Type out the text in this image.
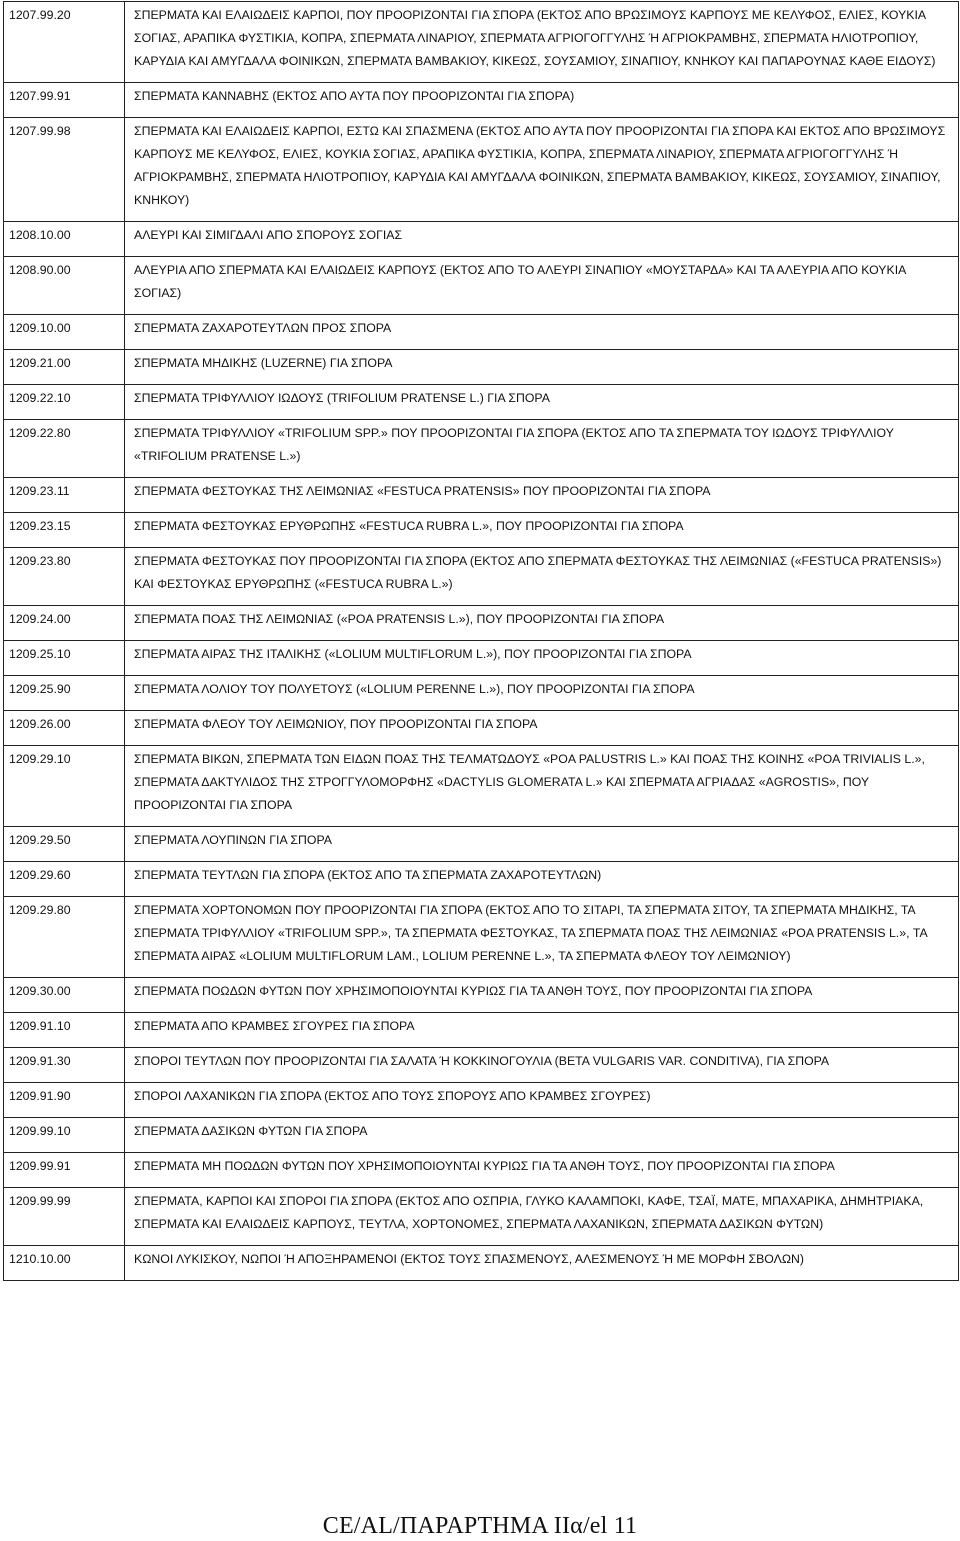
1207.99.20	ΣΠΕΡΜΑΤΑ ΚΑΙ ΕΛΑΙΩΔΕΙΣ ΚΑΡΠΟΙ, ΠΟΥ ΠΡΟΟΡΙΖΟΝΤΑΙ ΓΙΑ ΣΠΟΡΑ (ΕΚΤΟΣ ΑΠΟ ΒΡΩΣΙΜΟΥΣ ΚΑΡΠΟΥΣ ΜΕ ΚΕΛΥΦΟΣ, ΕΛΙΕΣ, ΚΟΥΚΙΑ ΣΟΓΙΑΣ, ΑΡΑΠΙΚΑ ΦΥΣΤΙΚΙΑ, ΚΟΠΡΑ, ΣΠΕΡΜΑΤΑ ΛΙΝΑΡΙΟΥ, ΣΠΕΡΜΑΤΑ ΑΓΡΙΟΓΟΓΓΥΛΗΣ Ή ΑΓΡΙΟΚΡΑΜΒΗΣ, ΣΠΕΡΜΑΤΑ ΗΛΙΟΤΡΟΠΙΟΥ, ΚΑΡΥΔΙΑ ΚΑΙ ΑΜΥΓΔΑΛΑ ΦΟΙΝΙΚΩΝ, ΣΠΕΡΜΑΤΑ ΒΑΜΒΑΚΙΟΥ, ΚΙΚΕΩΣ, ΣΟΥΣΑΜΙΟΥ, ΣΙΝΑΠΙΟΥ, ΚΝΗΚΟΥ ΚΑΙ ΠΑΠΑΡΟΥΝΑΣ ΚΑΘΕ ΕΙΔΟΥΣ)
1207.99.91	ΣΠΕΡΜΑΤΑ ΚΑΝΝΑΒΗΣ (ΕΚΤΟΣ ΑΠΟ ΑΥΤΑ ΠΟΥ ΠΡΟΟΡΙΖΟΝΤΑΙ ΓΙΑ ΣΠΟΡΑ)
1207.99.98	ΣΠΕΡΜΑΤΑ ΚΑΙ ΕΛΑΙΩΔΕΙΣ ΚΑΡΠΟΙ, ΕΣΤΩ ΚΑΙ ΣΠΑΣΜΕΝΑ (ΕΚΤΟΣ ΑΠΟ ΑΥΤΑ ΠΟΥ ΠΡΟΟΡΙΖΟΝΤΑΙ ΓΙΑ ΣΠΟΡΑ ΚΑΙ ΕΚΤΟΣ ΑΠΟ ΒΡΩΣΙΜΟΥΣ ΚΑΡΠΟΥΣ ΜΕ ΚΕΛΥΦΟΣ, ΕΛΙΕΣ, ΚΟΥΚΙΑ ΣΟΓΙΑΣ, ΑΡΑΠΙΚΑ ΦΥΣΤΙΚΙΑ, ΚΟΠΡΑ, ΣΠΕΡΜΑΤΑ ΛΙΝΑΡΙΟΥ, ΣΠΕΡΜΑΤΑ ΑΓΡΙΟΓΟΓΓΥΛΗΣ Ή ΑΓΡΙΟΚΡΑΜΒΗΣ, ΣΠΕΡΜΑΤΑ ΗΛΙΟΤΡΟΠΙΟΥ, ΚΑΡΥΔΙΑ ΚΑΙ ΑΜΥΓΔΑΛΑ ΦΟΙΝΙΚΩΝ, ΣΠΕΡΜΑΤΑ ΒΑΜΒΑΚΙΟΥ, ΚΙΚΕΩΣ, ΣΟΥΣΑΜΙΟΥ, ΣΙΝΑΠΙΟΥ, ΚΝΗΚΟΥ)
1208.10.00	ΑΛΕΥΡΙ ΚΑΙ ΣΙΜΙΓΔΑΛΙ ΑΠΟ ΣΠΟΡΟΥΣ ΣΟΓΙΑΣ
1208.90.00	ΑΛΕΥΡΙΑ ΑΠΟ ΣΠΕΡΜΑΤΑ ΚΑΙ ΕΛΑΙΩΔΕΙΣ ΚΑΡΠΟΥΣ (ΕΚΤΟΣ ΑΠΟ ΤΟ ΑΛΕΥΡΙ ΣΙΝΑΠΙΟΥ «ΜΟΥΣΤΑΡΔΑ» ΚΑΙ ΤΑ ΑΛΕΥΡΙΑ ΑΠΟ ΚΟΥΚΙΑ ΣΟΓΙΑΣ)
1209.10.00	ΣΠΕΡΜΑΤΑ ΖΑΧΑΡΟΤΕΥΤΛΩΝ ΠΡΟΣ ΣΠΟΡΑ
1209.21.00	ΣΠΕΡΜΑΤΑ ΜΗΔΙΚΗΣ (LUZERNE) ΓΙΑ ΣΠΟΡΑ
1209.22.10	ΣΠΕΡΜΑΤΑ ΤΡΙΦΥΛΛΙΟΥ ΙΩΔΟΥΣ (TRIFOLIUM PRATENSE L.) ΓΙΑ ΣΠΟΡΑ
1209.22.80	ΣΠΕΡΜΑΤΑ ΤΡΙΦΥΛΛΙΟΥ «TRIFOLIUM SPP.» ΠΟΥ ΠΡΟΟΡΙΖΟΝΤΑΙ ΓΙΑ ΣΠΟΡΑ (ΕΚΤΟΣ ΑΠΟ ΤΑ ΣΠΕΡΜΑΤΑ ΤΟΥ ΙΩΔΟΥΣ ΤΡΙΦΥΛΛΙΟΥ «TRIFOLIUM PRATENSE L.»)
1209.23.11	ΣΠΕΡΜΑΤΑ ΦΕΣΤΟΥΚΑΣ ΤΗΣ ΛΕΙΜΩΝΙΑΣ «FESTUCA PRATENSIS» ΠΟΥ ΠΡΟΟΡΙΖΟΝΤΑΙ ΓΙΑ ΣΠΟΡΑ
1209.23.15	ΣΠΕΡΜΑΤΑ ΦΕΣΤΟΥΚΑΣ ΕΡΥΘΡΩΠΗΣ «FESTUCA RUBRA L.», ΠΟΥ ΠΡΟΟΡΙΖΟΝΤΑΙ ΓΙΑ ΣΠΟΡΑ
1209.23.80	ΣΠΕΡΜΑΤΑ ΦΕΣΤΟΥΚΑΣ ΠΟΥ ΠΡΟΟΡΙΖΟΝΤΑΙ ΓΙΑ ΣΠΟΡΑ (ΕΚΤΟΣ ΑΠΟ ΣΠΕΡΜΑΤΑ ΦΕΣΤΟΥΚΑΣ ΤΗΣ ΛΕΙΜΩΝΙΑΣ («FESTUCA PRATENSIS») ΚΑΙ ΦΕΣΤΟΥΚΑΣ ΕΡΥΘΡΩΠΗΣ («FESTUCA RUBRA L.»)
1209.24.00	ΣΠΕΡΜΑΤΑ ΠΟΑΣ ΤΗΣ ΛΕΙΜΩΝΙΑΣ («POA PRATENSIS L.»), ΠΟΥ ΠΡΟΟΡΙΖΟΝΤΑΙ ΓΙΑ ΣΠΟΡΑ
1209.25.10	ΣΠΕΡΜΑΤΑ ΑΙΡΑΣ ΤΗΣ ΙΤΑΛΙΚΗΣ («LOLIUM MULTIFLORUM L.»), ΠΟΥ ΠΡΟΟΡΙΖΟΝΤΑΙ ΓΙΑ ΣΠΟΡΑ
1209.25.90	ΣΠΕΡΜΑΤΑ ΛΟΛΙΟΥ ΤΟΥ ΠΟΛΥΕΤΟΥΣ («LOLIUM PERENNE L.»), ΠΟΥ ΠΡΟΟΡΙΖΟΝΤΑΙ ΓΙΑ ΣΠΟΡΑ
1209.26.00	ΣΠΕΡΜΑΤΑ ΦΛΕΟΥ ΤΟΥ ΛΕΙΜΩΝΙΟΥ, ΠΟΥ ΠΡΟΟΡΙΖΟΝΤΑΙ ΓΙΑ ΣΠΟΡΑ
1209.29.10	ΣΠΕΡΜΑΤΑ ΒΙΚΩΝ, ΣΠΕΡΜΑΤΑ ΤΩΝ ΕΙΔΩΝ ΠΟΑΣ ΤΗΣ ΤΕΛΜΑΤΩΔΟΥΣ «POA PALUSTRIS L.» ΚΑΙ ΠΟΑΣ ΤΗΣ ΚΟΙΝΗΣ «POA TRIVIALIS L.», ΣΠΕΡΜΑΤΑ ΔΑΚΤΥΛΙΔΟΣ ΤΗΣ ΣΤΡΟΓΓΥΛΟΜΟΡΦΗΣ «DACTYLIS GLOMERATA L.» ΚΑΙ ΣΠΕΡΜΑΤΑ ΑΓΡΙΑΔΑΣ «AGROSTIS», ΠΟΥ ΠΡΟΟΡΙΖΟΝΤΑΙ ΓΙΑ ΣΠΟΡΑ
1209.29.50	ΣΠΕΡΜΑΤΑ ΛΟΥΠΙΝΩΝ ΓΙΑ ΣΠΟΡΑ
1209.29.60	ΣΠΕΡΜΑΤΑ ΤΕΥΤΛΩΝ ΓΙΑ ΣΠΟΡΑ (ΕΚΤΟΣ ΑΠΟ ΤΑ ΣΠΕΡΜΑΤΑ ΖΑΧΑΡΟΤΕΥΤΛΩΝ)
1209.29.80	ΣΠΕΡΜΑΤΑ ΧΟΡΤΟΝΟΜΩΝ ΠΟΥ ΠΡΟΟΡΙΖΟΝΤΑΙ ΓΙΑ ΣΠΟΡΑ (ΕΚΤΟΣ ΑΠΟ ΤΟ ΣΙΤΑΡΙ, ΤΑ ΣΠΕΡΜΑΤΑ ΣΙΤΟΥ, ΤΑ ΣΠΕΡΜΑΤΑ ΜΗΔΙΚΗΣ, ΤΑ ΣΠΕΡΜΑΤΑ ΤΡΙΦΥΛΛΙΟΥ «TRIFOLIUM SPP.», ΤΑ ΣΠΕΡΜΑΤΑ ΦΕΣΤΟΥΚΑΣ, ΤΑ ΣΠΕΡΜΑΤΑ ΠΟΑΣ ΤΗΣ ΛΕΙΜΩΝΙΑΣ «POA PRATENSIS L.», ΤΑ ΣΠΕΡΜΑΤΑ ΑΙΡΑΣ «LOLIUM MULTIFLORUM LAM., LOLIUM PERENNE L.», ΤΑ ΣΠΕΡΜΑΤΑ ΦΛΕΟΥ ΤΟΥ ΛΕΙΜΩΝΙΟΥ)
1209.30.00	ΣΠΕΡΜΑΤΑ ΠΟΩΔΩΝ ΦΥΤΩΝ ΠΟΥ ΧΡΗΣΙΜΟΠΟΙΟΥΝΤΑΙ ΚΥΡΙΩΣ ΓΙΑ ΤΑ ΑΝΘΗ ΤΟΥΣ, ΠΟΥ ΠΡΟΟΡΙΖΟΝΤΑΙ ΓΙΑ ΣΠΟΡΑ
1209.91.10	ΣΠΕΡΜΑΤΑ ΑΠΟ ΚΡΑΜΒΕΣ ΣΓΟΥΡΕΣ ΓΙΑ ΣΠΟΡΑ
1209.91.30	ΣΠΟΡΟΙ ΤΕΥΤΛΩΝ ΠΟΥ ΠΡΟΟΡΙΖΟΝΤΑΙ ΓΙΑ ΣΑΛΑΤΑ Ή ΚΟΚΚΙΝΟΓΟΥΛΙΑ (BETA VULGARIS VAR. CONDITIVA), ΓΙΑ ΣΠΟΡΑ
1209.91.90	ΣΠΟΡΟΙ ΛΑΧΑΝΙΚΩΝ ΓΙΑ ΣΠΟΡΑ (ΕΚΤΟΣ ΑΠΟ ΤΟΥΣ ΣΠΟΡΟΥΣ ΑΠΟ ΚΡΑΜΒΕΣ ΣΓΟΥΡΕΣ)
1209.99.10	ΣΠΕΡΜΑΤΑ ΔΑΣΙΚΩΝ ΦΥΤΩΝ ΓΙΑ ΣΠΟΡΑ
1209.99.91	ΣΠΕΡΜΑΤΑ ΜΗ ΠΟΩΔΩΝ ΦΥΤΩΝ ΠΟΥ ΧΡΗΣΙΜΟΠΟΙΟΥΝΤΑΙ ΚΥΡΙΩΣ ΓΙΑ ΤΑ ΑΝΘΗ ΤΟΥΣ, ΠΟΥ ΠΡΟΟΡΙΖΟΝΤΑΙ ΓΙΑ ΣΠΟΡΑ
1209.99.99	ΣΠΕΡΜΑΤΑ, ΚΑΡΠΟΙ ΚΑΙ ΣΠΟΡΟΙ ΓΙΑ ΣΠΟΡΑ (ΕΚΤΟΣ ΑΠΟ ΟΣΠΡΙΑ, ΓΛΥΚΟ ΚΑΛΑΜΠΟΚΙ, ΚΑΦΕ, ΤΣΑΪ, ΜΑΤΕ, ΜΠΑΧΑΡΙΚΑ, ΔΗΜΗΤΡΙΑΚΑ, ΣΠΕΡΜΑΤΑ ΚΑΙ ΕΛΑΙΩΔΕΙΣ ΚΑΡΠΟΥΣ, ΤΕΥΤΛΑ, ΧΟΡΤΟΝΟΜΕΣ, ΣΠΕΡΜΑΤΑ ΛΑΧΑΝΙΚΩΝ, ΣΠΕΡΜΑΤΑ ΔΑΣΙΚΩΝ ΦΥΤΩΝ)
1210.10.00	ΚΩΝΟΙ ΛΥΚΙΣΚΟΥ, ΝΩΠΟΙ Ή ΑΠΟΞΗΡΑΜΕΝΟΙ (ΕΚΤΟΣ ΤΟΥΣ ΣΠΑΣΜΕΝΟΥΣ, ΑΛΕΣΜΕΝΟΥΣ Ή ΜΕ ΜΟΡΦΗ ΣΒΟΛΩΝ)
CE/AL/ΠΑΡΑΡΤΗΜΑ IIα/el 11
